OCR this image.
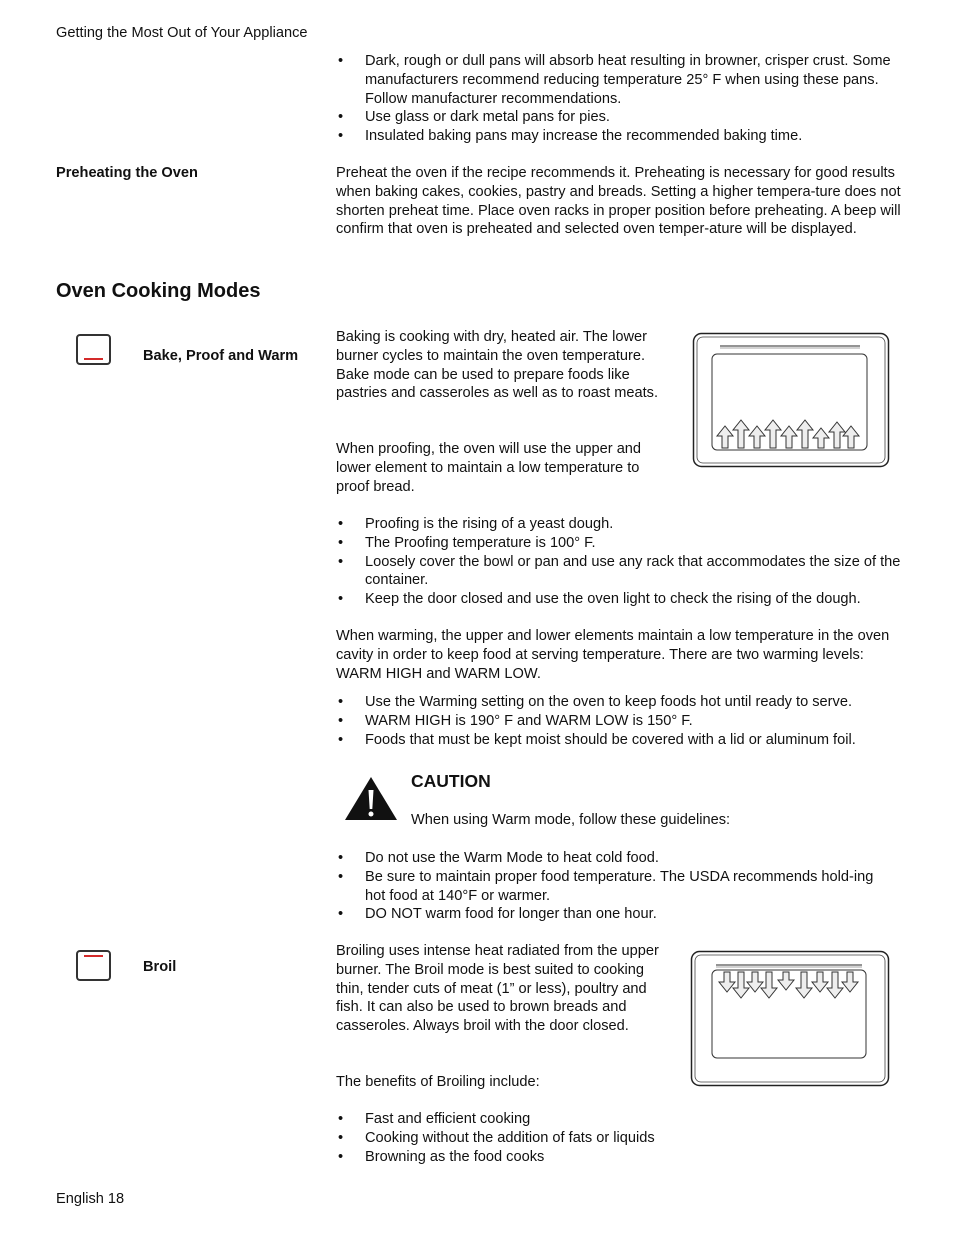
Getting the Most Out of Your Appliance
• Dark, rough or dull pans will absorb heat resulting in browner, crisper crust. Some manufacturers recommend reducing temperature 25° F when using these pans. Follow manufacturer recommendations.
• Use glass or dark metal pans for pies.
• Insulated baking pans may increase the recommended baking time.
Preheating the Oven	Preheat the oven if the recipe recommends it. Preheating is necessary for good results when baking cakes, cookies, pastry and breads. Setting a higher tempera-ture does not shorten preheat time. Place oven racks in proper position before preheating. A beep will confirm that oven is preheated and selected oven temper-ature will be displayed.

Oven Cooking Modes
Bake, Proof and Warm

Baking is cooking with dry, heated air. The lower burner cycles to maintain the oven temperature. Bake mode can be used to prepare foods like pastries and casseroles as well as to roast meats.

When proofing, the oven will use the upper and lower element to maintain a low temperature to proof bread.

• Proofing is the rising of a yeast dough.
• The Proofing temperature is 100° F.
• Loosely cover the bowl or pan and use any rack that accommodates the size of the container.
• Keep the door closed and use the oven light to check the rising of the dough.

When warming, the upper and lower elements maintain a low temperature in the oven cavity in order to keep food at serving temperature. There are two warming levels: WARM HIGH and WARM LOW.

• Use the Warming setting on the oven to keep foods hot until ready to serve.
• WARM HIGH is 190° F and WARM LOW is 150° F.
• Foods that must be kept moist should be covered with a lid or aluminum foil.
CAUTION
When using Warm mode, follow these guidelines:
• Do not use the Warm Mode to heat cold food.
• Be sure to maintain proper food temperature. The USDA recommends hold-ing hot food at 140°F or warmer.
• DO NOT warm food for longer than one hour.
Broil

Broiling uses intense heat radiated from the upper burner. The Broil mode is best suited to cooking thin, tender cuts of meat (1” or less), poultry and fish. It can also be used to brown breads and casseroles. Always broil with the door closed.

The benefits of Broiling include:

• Fast and efficient cooking
• Cooking without the addition of fats or liquids
• Browning as the food cooks
English 18
